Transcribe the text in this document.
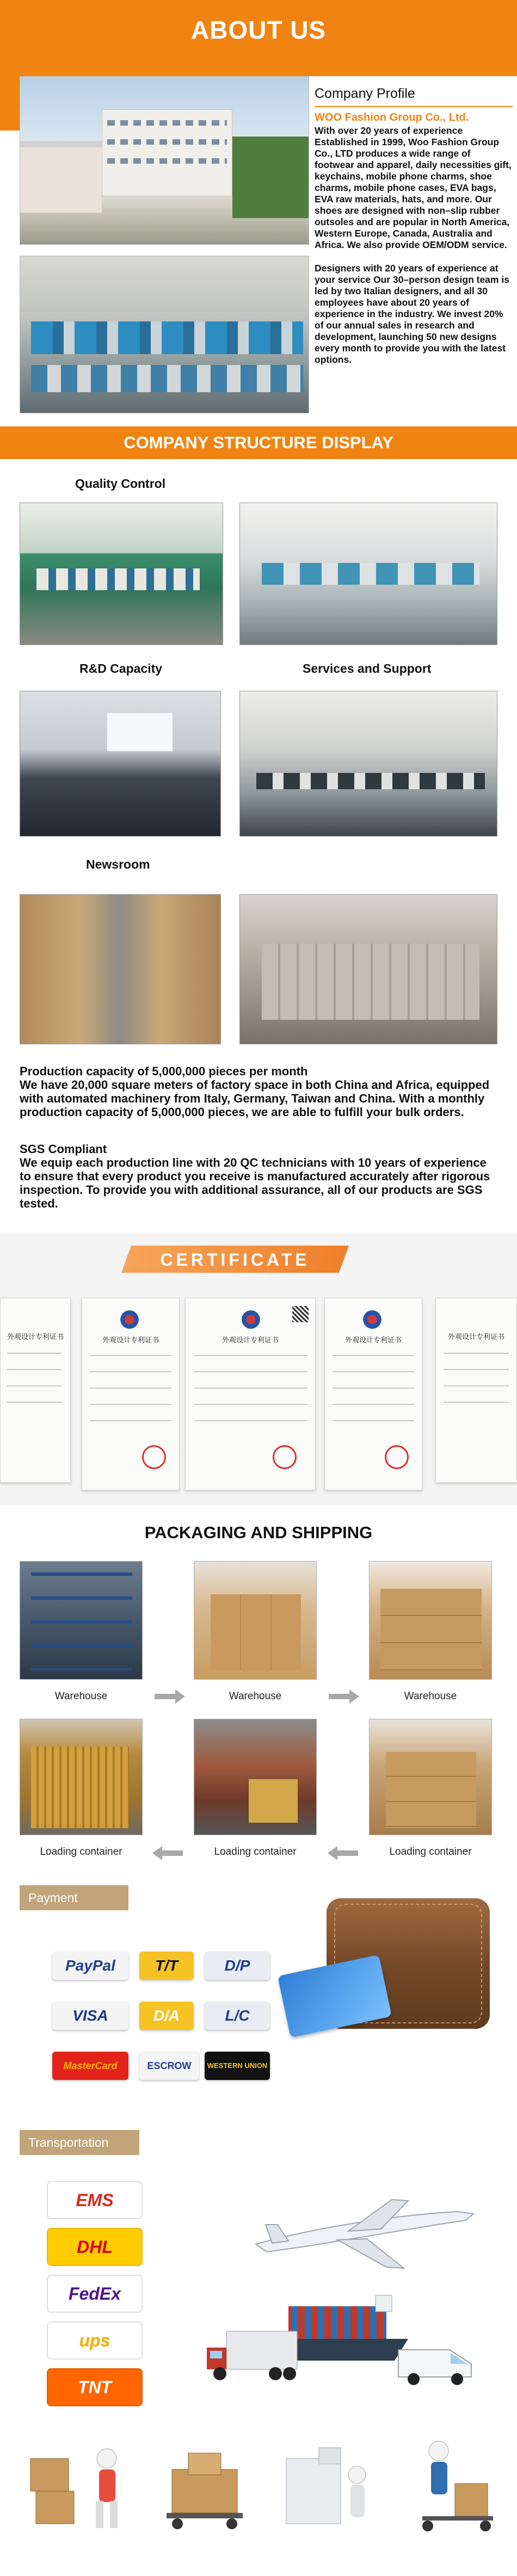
ABOUT US
Company Profile
WOO Fashion Group Co., Ltd.
With over 20 years of experience Established in 1999, Woo Fashion Group Co., LTD produces a wide range of footwear and apparel, daily necessities gift, keychains, mobile phone charms, shoe charms, mobile phone cases, EVA bags, EVA raw materials, hats, and more. Our shoes are designed with non–slip rubber outsoles and are popular in North America, Western Europe, Canada, Australia and Africa. We also provide OEM/ODM service.
Designers with 20 years of experience at your service Our 30–person design team is led by two Italian designers, and all 30 employees have about 20 years of experience in the industry. We invest 20% of our annual sales in research and development, launching 50 new designs every month to provide you with the latest options.
COMPANY STRUCTURE DISPLAY
Quality Control
R&D Capacity	Services and Support
Newsroom
Production capacity of 5,000,000 pieces per month
We have 20,000 square meters of factory space in both China and Africa, equipped with automated machinery from Italy, Germany, Taiwan and China. With a monthly production capacity of 5,000,000 pieces, we are able to fulfill your bulk orders.
SGS Compliant
We equip each production line with 20 QC technicians with 10 years of experience to ensure that every product you receive is manufactured accurately after rigorous inspection. To provide you with additional assurance, all of our products are SGS tested.
CERTIFICATE
外观设计专利证书	外观设计专利证书	外观设计专利证书	外观设计专利证书	外观设计专利证书
PACKAGING AND SHIPPING
Warehouse	Warehouse	Warehouse
Loading container	Loading container	Loading container
Payment method
PayPal	T/T	D/P
VISA	D/A	L/C
MasterCard	ESCROW	WESTERN UNION
Transportation
EMS
DHL
FedEx
ups
TNT
